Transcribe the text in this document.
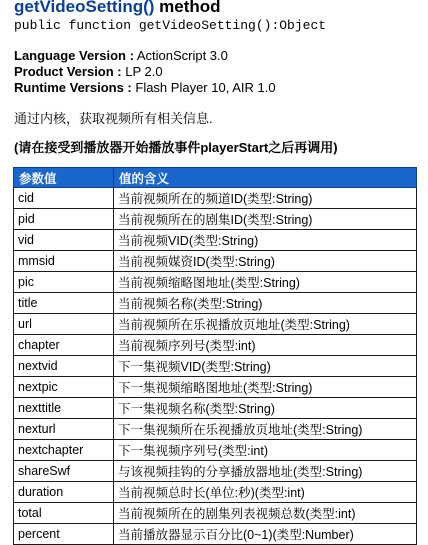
getVideoSetting() method
public function getVideoSetting():Object
Language Version : ActionScript 3.0
Product Version : LP 2.0
Runtime Versions : Flash Player 10, AIR 1.0
通过内核，获取视频所有相关信息.
(请在接受到播放器开始播放事件playerStart之后再调用)
参数值	值的含义
cid	当前视频所在的频道ID(类型:String)
pid	当前视频所在的剧集ID(类型:String)
vid	当前视频VID(类型:String)
mmsid	当前视频媒资ID(类型:String)
pic	当前视频缩略图地址(类型:String)
title	当前视频名称(类型:String)
url	当前视频所在乐视播放页地址(类型:String)
chapter	当前视频序列号(类型:int)
nextvid	下一集视频VID(类型:String)
nextpic	下一集视频缩略图地址(类型:String)
nexttitle	下一集视频名称(类型:String)
nexturl	下一集视频所在乐视播放页地址(类型:String)
nextchapter	下一集视频序列号(类型:int)
shareSwf	与该视频挂钩的分享播放器地址(类型:String)
duration	当前视频总时长(单位:秒)(类型:int)
total	当前视频所在的剧集列表视频总数(类型:int)
percent	当前播放器显示百分比(0~1)(类型:Number)
